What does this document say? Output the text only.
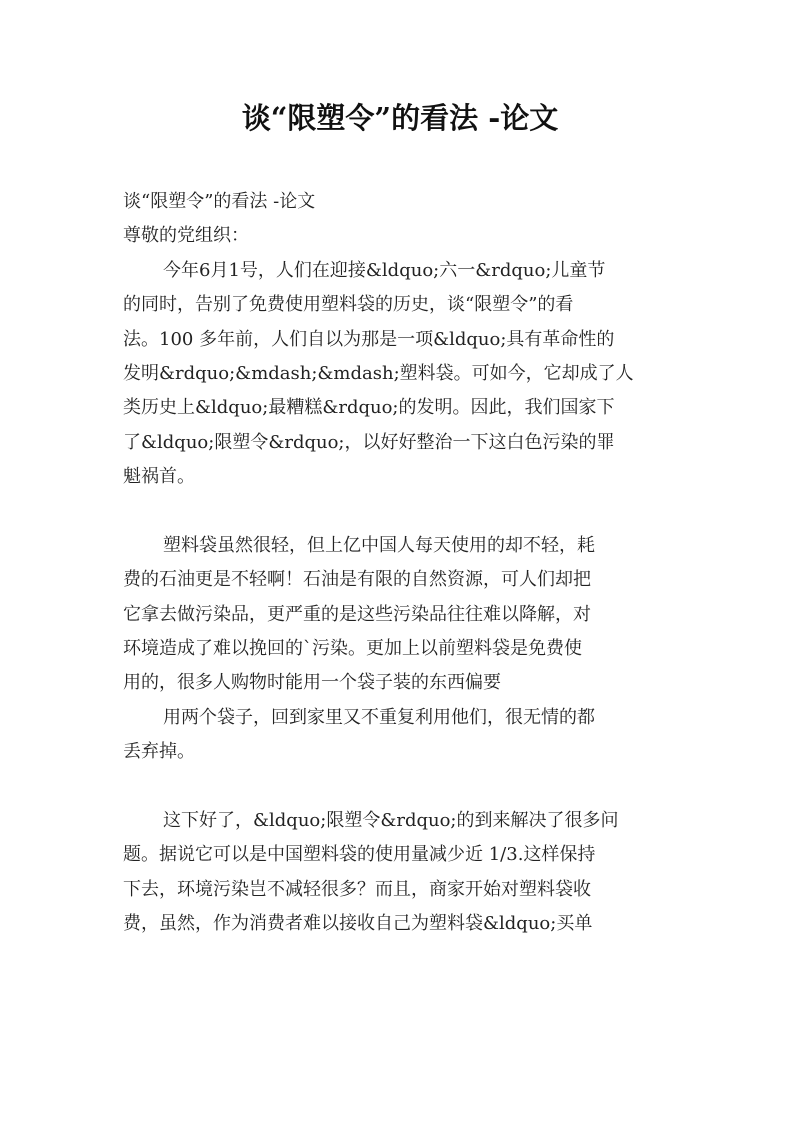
谈“限塑令”的看法 -论文
谈“限塑令”的看法 -论文
尊敬的党组织：
今年6月1号，人们在迎接&ldquo;六一&rdquo;儿童节
的同时，告别了免费使用塑料袋的历史，谈“限塑令”的看
法。100 多年前，人们自以为那是一项&ldquo;具有革命性的
发明&rdquo;&mdash;&mdash;塑料袋。可如今，它却成了人
类历史上&ldquo;最糟糕&rdquo;的发明。因此，我们国家下
了&ldquo;限塑令&rdquo;，以好好整治一下这白色污染的罪
魁祸首。
塑料袋虽然很轻，但上亿中国人每天使用的却不轻，耗
费的石油更是不轻啊！石油是有限的自然资源，可人们却把
它拿去做污染品，更严重的是这些污染品往往难以降解，对
环境造成了难以挽回的`污染。更加上以前塑料袋是免费使
用的，很多人购物时能用一个袋子装的东西偏要
用两个袋子，回到家里又不重复利用他们，很无情的都
丢弃掉。
这下好了，&ldquo;限塑令&rdquo;的到来解决了很多问
题。据说它可以是中国塑料袋的使用量减少近 1/3.这样保持
下去，环境污染岂不减轻很多？而且，商家开始对塑料袋收
费，虽然，作为消费者难以接收自己为塑料袋&ldquo;买单
